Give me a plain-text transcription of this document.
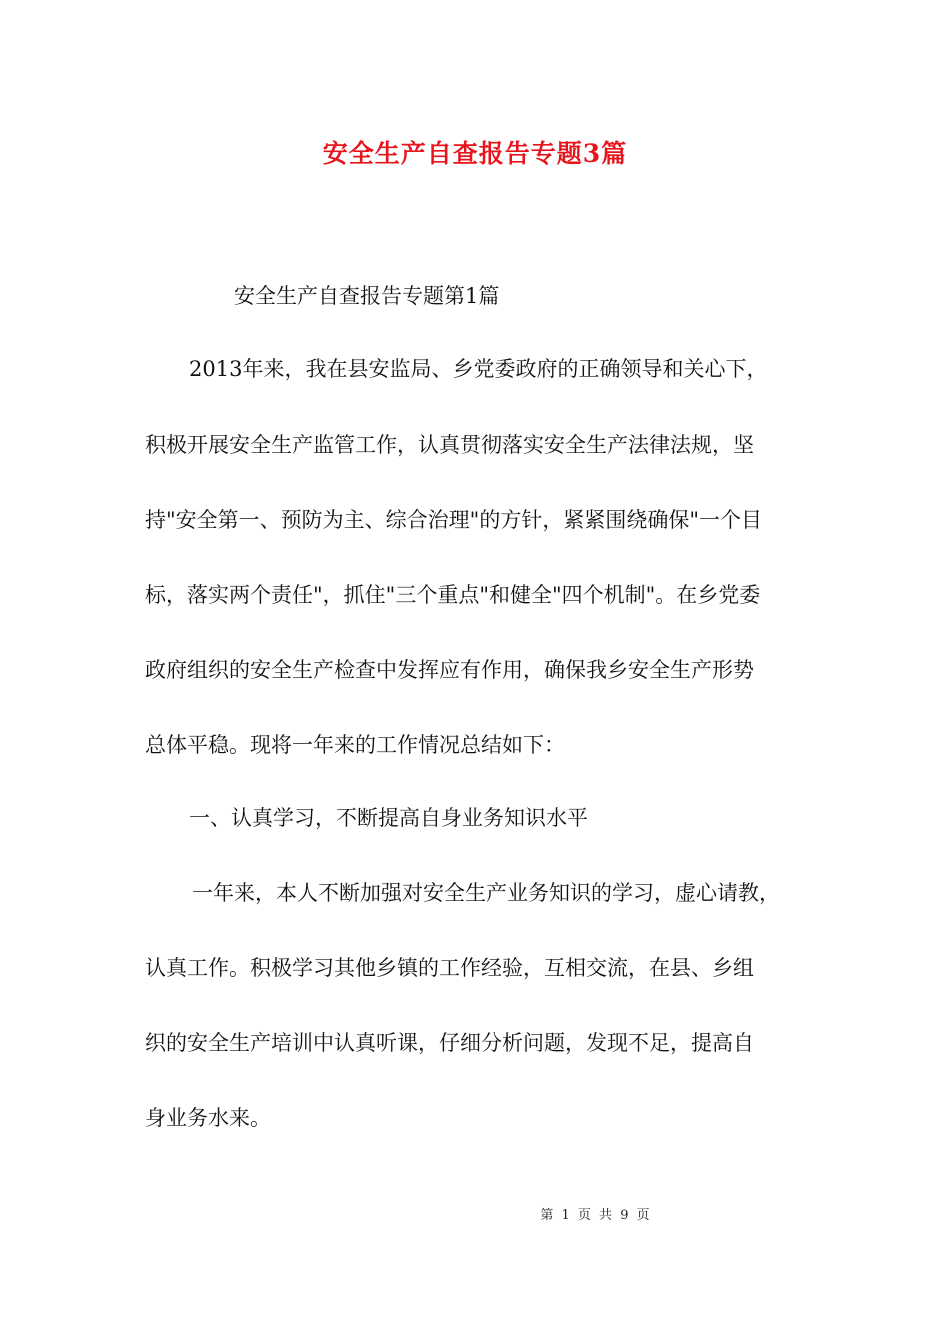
安全生产自查报告专题3篇

安全生产自查报告专题第1篇

2013年来，我在县安监局、乡党委政府的正确领导和关心下，

积极开展安全生产监管工作，认真贯彻落实安全生产法律法规，坚

持"安全第一、预防为主、综合治理"的方针，紧紧围绕确保"一个目

标，落实两个责任"，抓住"三个重点"和健全"四个机制"。在乡党委

政府组织的安全生产检查中发挥应有作用，确保我乡安全生产形势

总体平稳。现将一年来的工作情况总结如下：

一、认真学习，不断提高自身业务知识水平

一年来，本人不断加强对安全生产业务知识的学习，虚心请教，

认真工作。积极学习其他乡镇的工作经验，互相交流，在县、乡组

织的安全生产培训中认真听课，仔细分析问题，发现不足，提高自

身业务水来。

第 1 页 共 9 页
